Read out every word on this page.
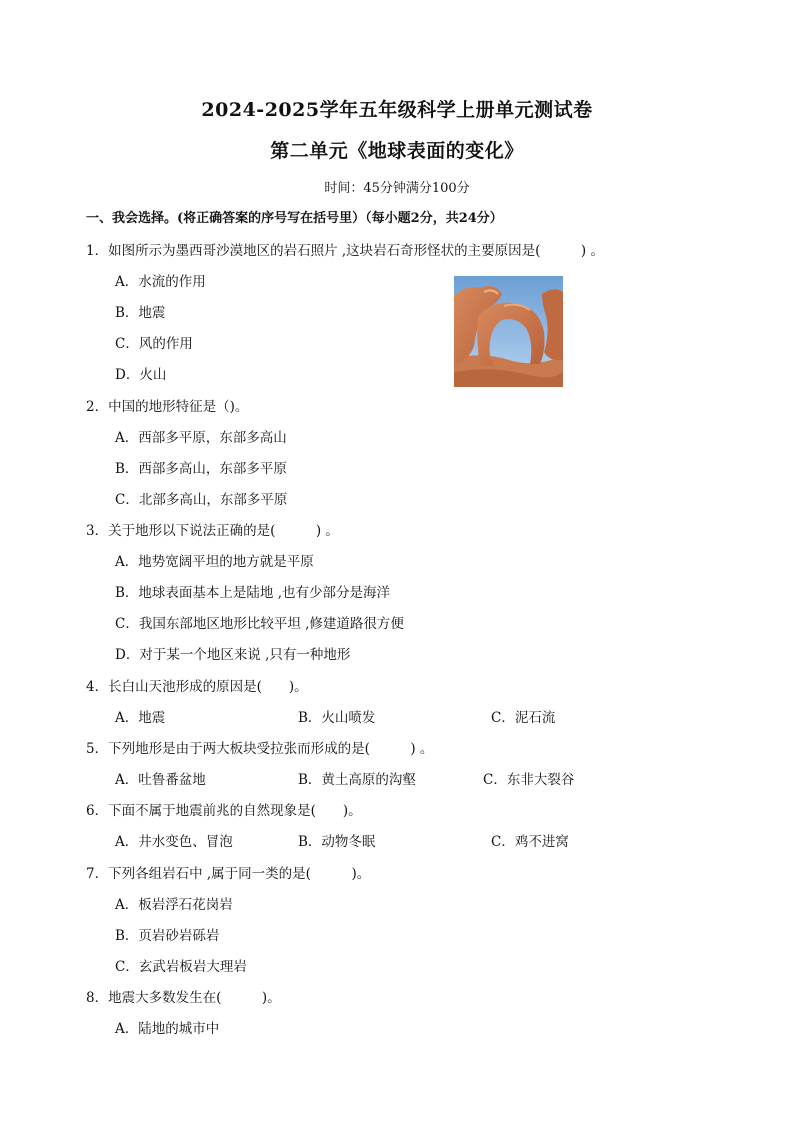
2024-2025学年五年级科学上册单元测试卷

第二单元《地球表面的变化》

时间：45分钟满分100分

一、我会选择。(将正确答案的序号写在括号里）（每小题2分，共24分）

1．如图所示为墨西哥沙漠地区的岩石照片 ,这块岩石奇形怪状的主要原因是(　　　) 。

A．水流的作用

B．地震

C．风的作用

D．火山

2．中国的地形特征是（)。

A．西部多平原，东部多高山

B．西部多高山，东部多平原

C．北部多高山，东部多平原

3．关于地形以下说法正确的是(　　　) 。

A．地势宽阔平坦的地方就是平原

B．地球表面基本上是陆地 ,也有少部分是海洋

C．我国东部地区地形比较平坦 ,修建道路很方便

D．对于某一个地区来说 ,只有一种地形

4．长白山天池形成的原因是(　　)。

A．地震	B．火山喷发	C．泥石流

5．下列地形是由于两大板块受拉张而形成的是(　　　) 。

A．吐鲁番盆地	B．黄土高原的沟壑	C．东非大裂谷

6．下面不属于地震前兆的自然现象是(　　)。

A．井水变色、冒泡	B．动物冬眠	C．鸡不进窝

7．下列各组岩石中 ,属于同一类的是(　　　)。

A．板岩浮石花岗岩

B．页岩砂岩砾岩

C．玄武岩板岩大理岩

8．地震大多数发生在(　　　)。

A．陆地的城市中
